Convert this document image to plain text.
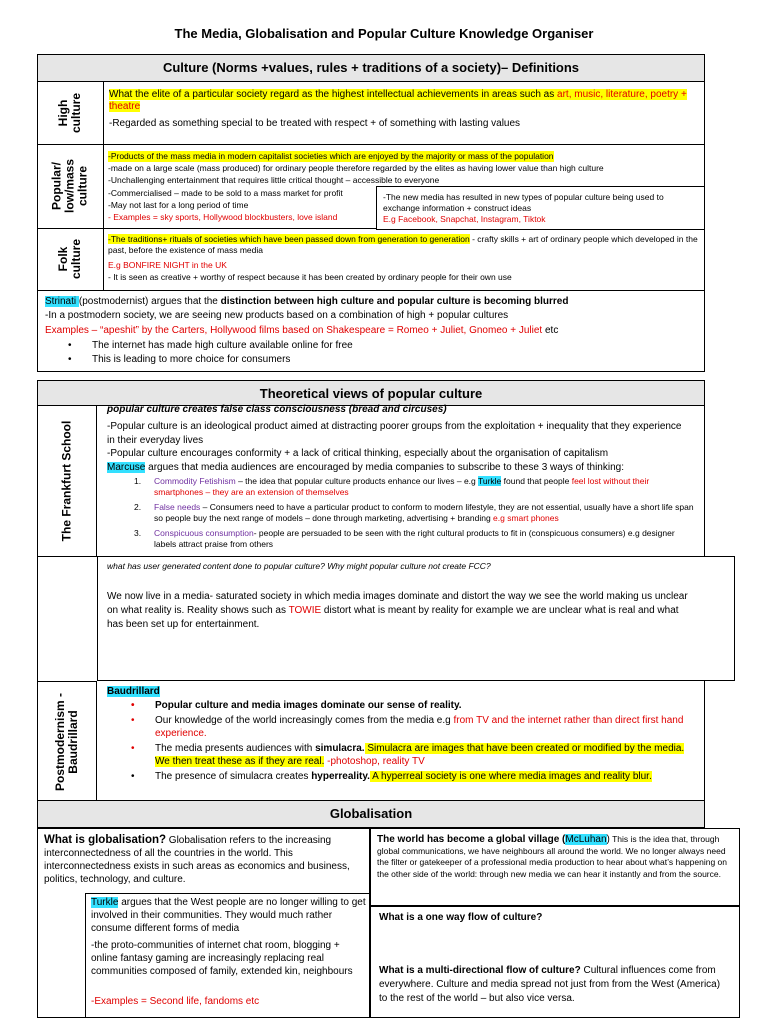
The Media, Globalisation and Popular Culture Knowledge Organiser
Culture (Norms +values, rules + traditions of a society)– Definitions
High culture	What the elite of a particular society regard as the highest intellectual achievements in areas such as art, music, literature, poetry + theatre
-Regarded as something special to be treated with respect + of something with lasting values
Popular/ low/mass culture
-Products of the mass media in modern capitalist societies which are enjoyed by the majority or mass of the population
-made on a large scale (mass produced) for ordinary people therefore regarded by the elites as having lower value than high culture
-Unchallenging entertainment that requires little critical thought – accessible to everyone
-Commercialised – made to be sold to a mass market for profit
-May not last for a long period of time
- Examples = sky sports, Hollywood blockbusters, love island
-The new media has resulted in new types of popular culture being used to exchange information + construct ideas
E.g Facebook, Snapchat, Instagram, Tiktok
Folk culture	-The traditions+ rituals of societies which have been passed down from generation to generation - crafty skills + art of ordinary people which developed in the past, before the existence of mass media
E.g BONFIRE NIGHT in the UK
- It is seen as creative + worthy of respect because it has been created by ordinary people for their own use
Strinati (postmodernist) argues that the distinction between high culture and popular culture is becoming blurred
-In a postmodern society, we are seeing new products based on a combination of high + popular cultures
Examples – “apeshit” by the Carters, Hollywood films based on Shakespeare = Romeo + Juliet, Gnomeo + Juliet etc
• The internet has made high culture available online for free
• This is leading to more choice for consumers
Theoretical views of popular culture
The Frankfurt School
popular culture creates false class consciousness (bread and circuses)
-Popular culture is an ideological product aimed at distracting poorer groups from the exploitation + inequality that they experience in their everyday lives
-Popular culture encourages conformity + a lack of critical thinking, especially about the organisation of capitalism
Marcuse argues that media audiences are encouraged by media companies to subscribe to these 3 ways of thinking:
1. Commodity Fetishism – the idea that popular culture products enhance our lives – e.g Turkle found that people feel lost without their smartphones – they are an extension of themselves
2. False needs – Consumers need to have a particular product to conform to modern lifestyle, they are not essential, usually have a short life span so people buy the next range of models – done through marketing, advertising + branding e.g smart phones
3. Conspicuous consumption- people are persuaded to be seen with the right cultural products to fit in (conspicuous consumers) e.g designer labels attract praise from others
what has user generated content done to popular culture? Why might popular culture not create FCC?
We now live in a media- saturated society in which media images dominate and distort the way we see the world making us unclear on what reality is. Reality shows such as TOWIE distort what is meant by reality for example we are unclear what is real and what has been set up for entertainment.
Postmodernism - Baudrillard
Baudrillard
• Popular culture and media images dominate our sense of reality.
• Our knowledge of the world increasingly comes from the media e.g from TV and the internet rather than direct first hand experience.
• The media presents audiences with simulacra. Simulacra are images that have been created or modified by the media. We then treat these as if they are real. -photoshop, reality TV
• The presence of simulacra creates hyperreality. A hyperreal society is one where media images and reality blur.
Globalisation
What is globalisation? Globalisation refers to the increasing interconnectedness of all the countries in the world. This interconnectedness exists in such areas as economics and business, politics, technology, and culture.
Turkle argues that the West people are no longer willing to get involved in their communities. They would much rather consume different forms of media
-the proto-communities of internet chat room, blogging + online fantasy gaming are increasingly replacing real communities composed of family, extended kin, neighbours
-Examples = Second life, fandoms etc
The world has become a global village (McLuhan) This is the idea that, through global communications, we have neighbours all around the world. We no longer always need the filter or gatekeeper of a professional media production to hear about what’s happening on the other side of the world: through new media we can hear it instantly and from the source.
What is a one way flow of culture?
What is a multi-directional flow of culture? Cultural influences come from everywhere. Culture and media spread not just from from the West (America) to the rest of the world – but also vice versa.
